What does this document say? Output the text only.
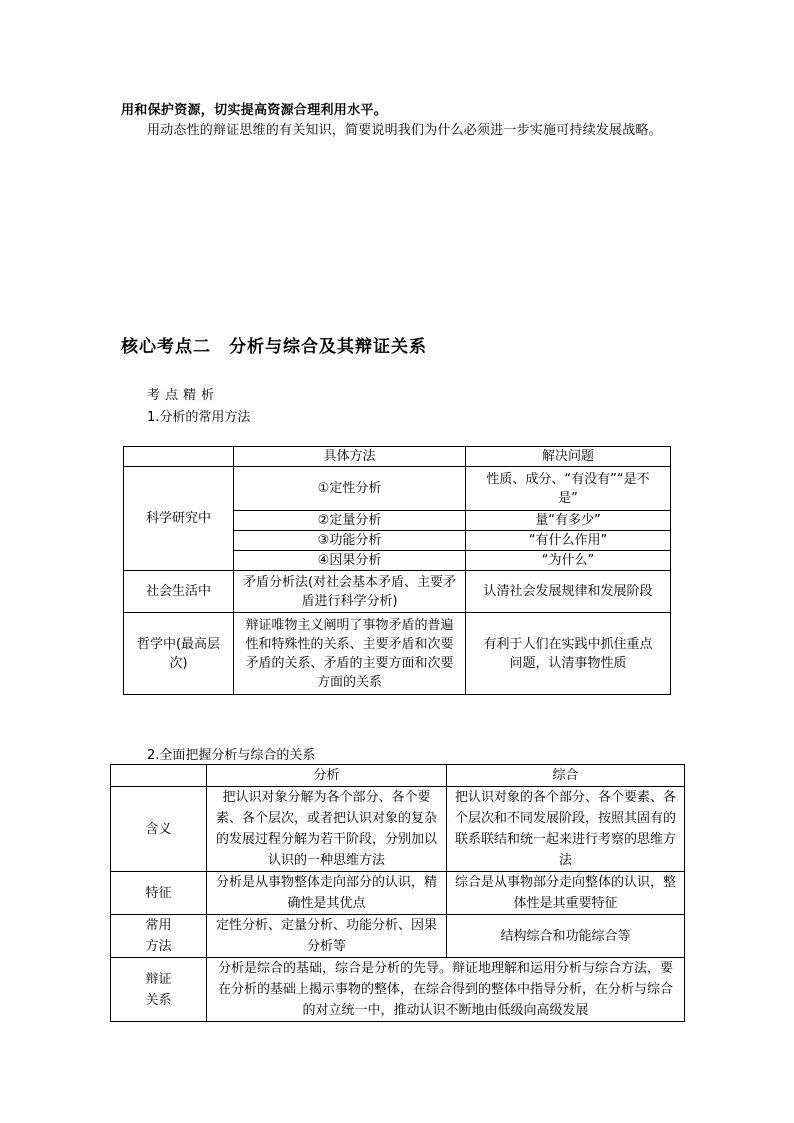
用和保护资源，切实提高资源合理利用水平。
用动态性的辩证思维的有关知识，简要说明我们为什么必须进一步实施可持续发展战略。
核心考点二 分析与综合及其辩证关系
考点精析
1.分析的常用方法
	具体方法	解决问题
科学研究中	①定性分析	性质、成分、“有没有”“是不是”
	②定量分析	量“有多少”
	③功能分析	“有什么作用”
	④因果分析	“为什么”
社会生活中	矛盾分析法(对社会基本矛盾、主要矛盾进行科学分析)	认清社会发展规律和发展阶段
哲学中(最高层次)	辩证唯物主义阐明了事物矛盾的普遍性和特殊性的关系、主要矛盾和次要矛盾的关系、矛盾的主要方面和次要方面的关系	有利于人们在实践中抓住重点问题，认清事物性质
2.全面把握分析与综合的关系
	分析	综合
含义	把认识对象分解为各个部分、各个要素、各个层次，或者把认识对象的复杂的发展过程分解为若干阶段，分别加以认识的一种思维方法	把认识对象的各个部分、各个要素、各个层次和不同发展阶段，按照其固有的联系联结和统一起来进行考察的思维方法
特征	分析是从事物整体走向部分的认识，精确性是其优点	综合是从事物部分走向整体的认识，整体性是其重要特征

常用
方法	定性分析、定量分析、功能分析、因果分析等	结构综合和功能综合等

辩证
关系	分析是综合的基础，综合是分析的先导。辩证地理解和运用分析与综合方法，要在分析的基础上揭示事物的整体，在综合得到的整体中指导分析，在分析与综合的对立统一中，推动认识不断地由低级向高级发展	
